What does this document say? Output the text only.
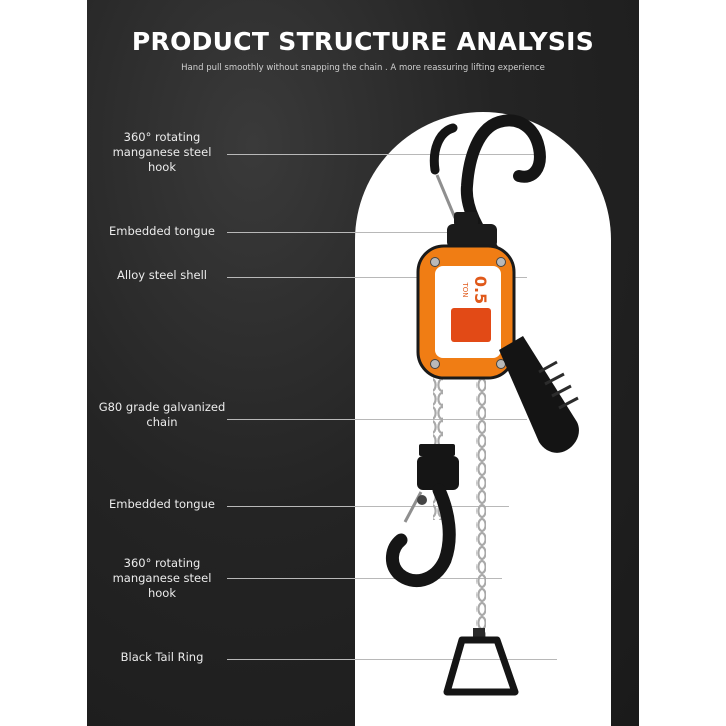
PRODUCT STRUCTURE ANALYSIS
Hand pull smoothly without snapping the chain . A more reassuring lifting experience
360° rotating manganese steel hook
Embedded tongue
Alloy steel shell
G80 grade galvanized chain
Embedded tongue
360° rotating manganese steel hook
Black Tail Ring
0.5
TON
